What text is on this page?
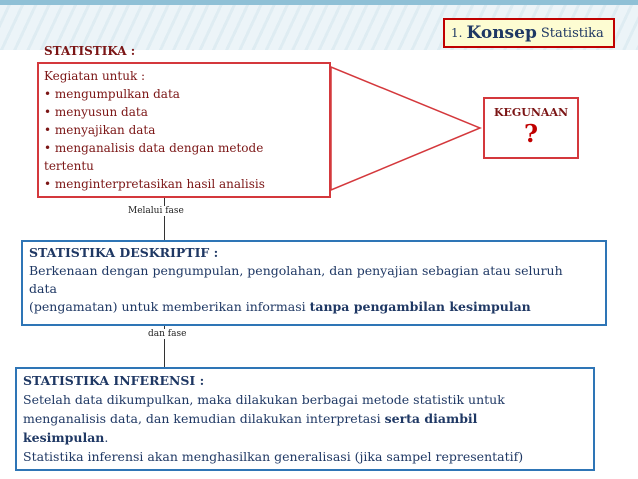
1. Konsep Statistika
STATISTIKA :
Kegiatan untuk :
• mengumpulkan data
• menyusun data
• menyajikan data
• menganalisis data dengan metode
tertentu
• menginterpretasikan hasil analisis
KEGUNAAN
?
Melalui fase
STATISTIKA DESKRIPTIF :
Berkenaan dengan pengumpulan, pengolahan, dan penyajian sebagian atau seluruh
data
(pengamatan) untuk memberikan informasi tanpa pengambilan kesimpulan
dan fase
STATISTIKA INFERENSI :
Setelah data dikumpulkan, maka dilakukan berbagai metode statistik untuk
menganalisis data, dan kemudian dilakukan interpretasi serta diambil
kesimpulan.
Statistika inferensi akan menghasilkan generalisasi (jika sampel representatif)
